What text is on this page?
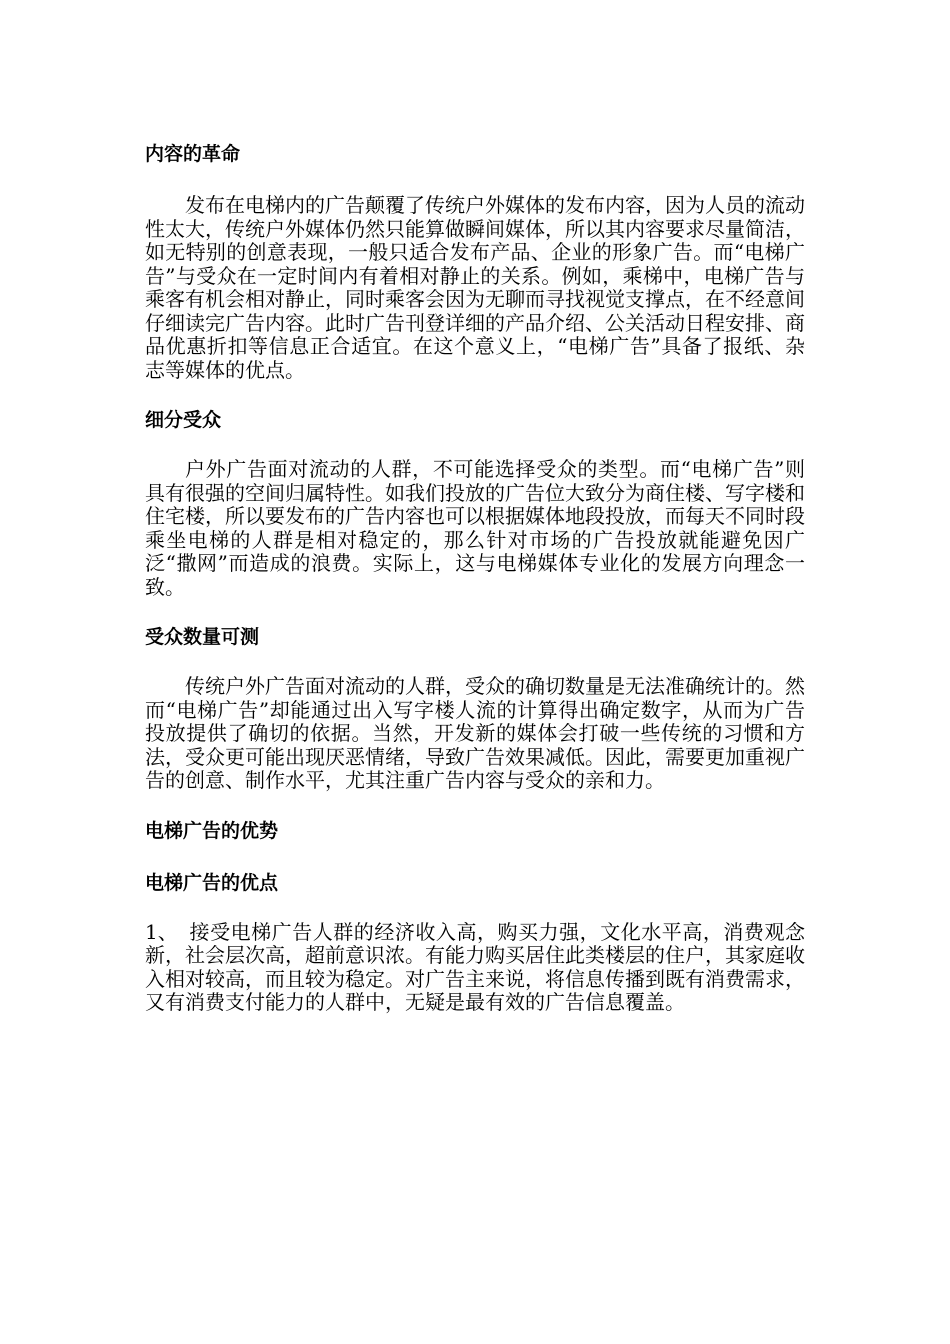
内容的革命

发布在电梯内的广告颠覆了传统户外媒体的发布内容，因为人员的流动性太大，传统户外媒体仍然只能算做瞬间媒体，所以其内容要求尽量简洁，如无特别的创意表现，一般只适合发布产品、企业的形象广告。而“电梯广告”与受众在一定时间内有着相对静止的关系。例如，乘梯中，电梯广告与乘客有机会相对静止，同时乘客会因为无聊而寻找视觉支撑点，在不经意间仔细读完广告内容。此时广告刊登详细的产品介绍、公关活动日程安排、商品优惠折扣等信息正合适宜。在这个意义上，“电梯广告”具备了报纸、杂志等媒体的优点。

细分受众

户外广告面对流动的人群，不可能选择受众的类型。而“电梯广告”则具有很强的空间归属特性。如我们投放的广告位大致分为商住楼、写字楼和住宅楼，所以要发布的广告内容也可以根据媒体地段投放，而每天不同时段乘坐电梯的人群是相对稳定的，那么针对市场的广告投放就能避免因广泛“撒网”而造成的浪费。实际上，这与电梯媒体专业化的发展方向理念一致。

受众数量可测

传统户外广告面对流动的人群，受众的确切数量是无法准确统计的。然而“电梯广告”却能通过出入写字楼人流的计算得出确定数字，从而为广告投放提供了确切的依据。当然，开发新的媒体会打破一些传统的习惯和方法，受众更可能出现厌恶情绪，导致广告效果减低。因此，需要更加重视广告的创意、制作水平，尤其注重广告内容与受众的亲和力。

电梯广告的优势
电梯广告的优点

1、 接受电梯广告人群的经济收入高，购买力强，文化水平高，消费观念新，社会层次高，超前意识浓。有能力购买居住此类楼层的住户，其家庭收入相对较高，而且较为稳定。对广告主来说，将信息传播到既有消费需求，又有消费支付能力的人群中，无疑是最有效的广告信息覆盖。
